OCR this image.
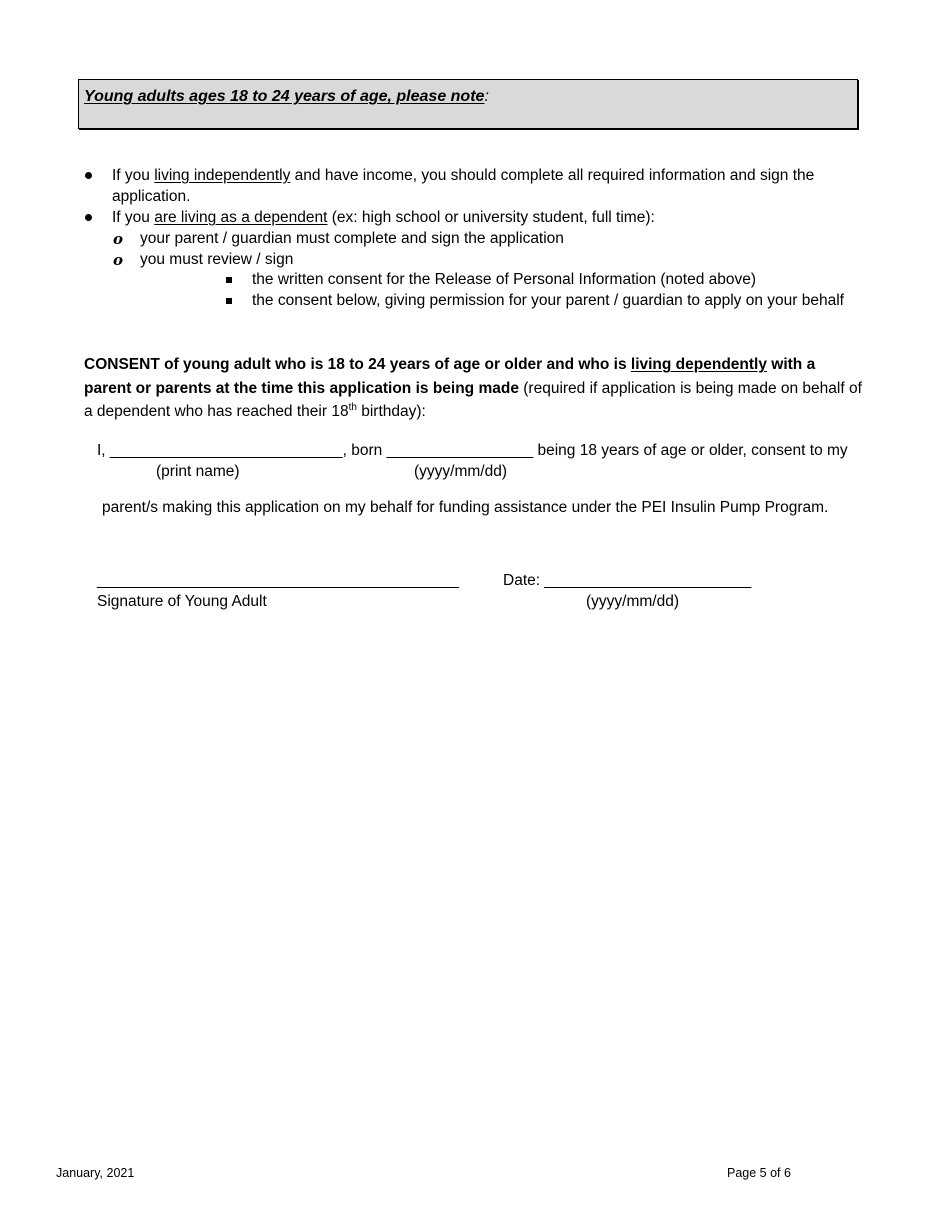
Young adults ages 18 to 24 years of age, please note:
If you living independently and have income, you should complete all required information and sign the
application.
If you are living as a dependent (ex: high school or university student, full time):
o your parent / guardian must complete and sign the application
o you must review / sign
the written consent for the Release of Personal Information (noted above)
the consent below, giving permission for your parent / guardian to apply on your behalf
CONSENT of young adult who is 18 to 24 years of age or older and who is living dependently with a parent or parents at the time this application is being made (required if application is being made on behalf of a dependent who has reached their 18th birthday):
I, ___________________________, born _________________ being 18 years of age or older, consent to my
(print name)	(yyyy/mm/dd)
parent/s making this application on my behalf for funding assistance under the PEI Insulin Pump Program.
__________________________________________
Signature of Young Adult
Date: ________________________
(yyyy/mm/dd)
January, 2021	Page 5 of 6
